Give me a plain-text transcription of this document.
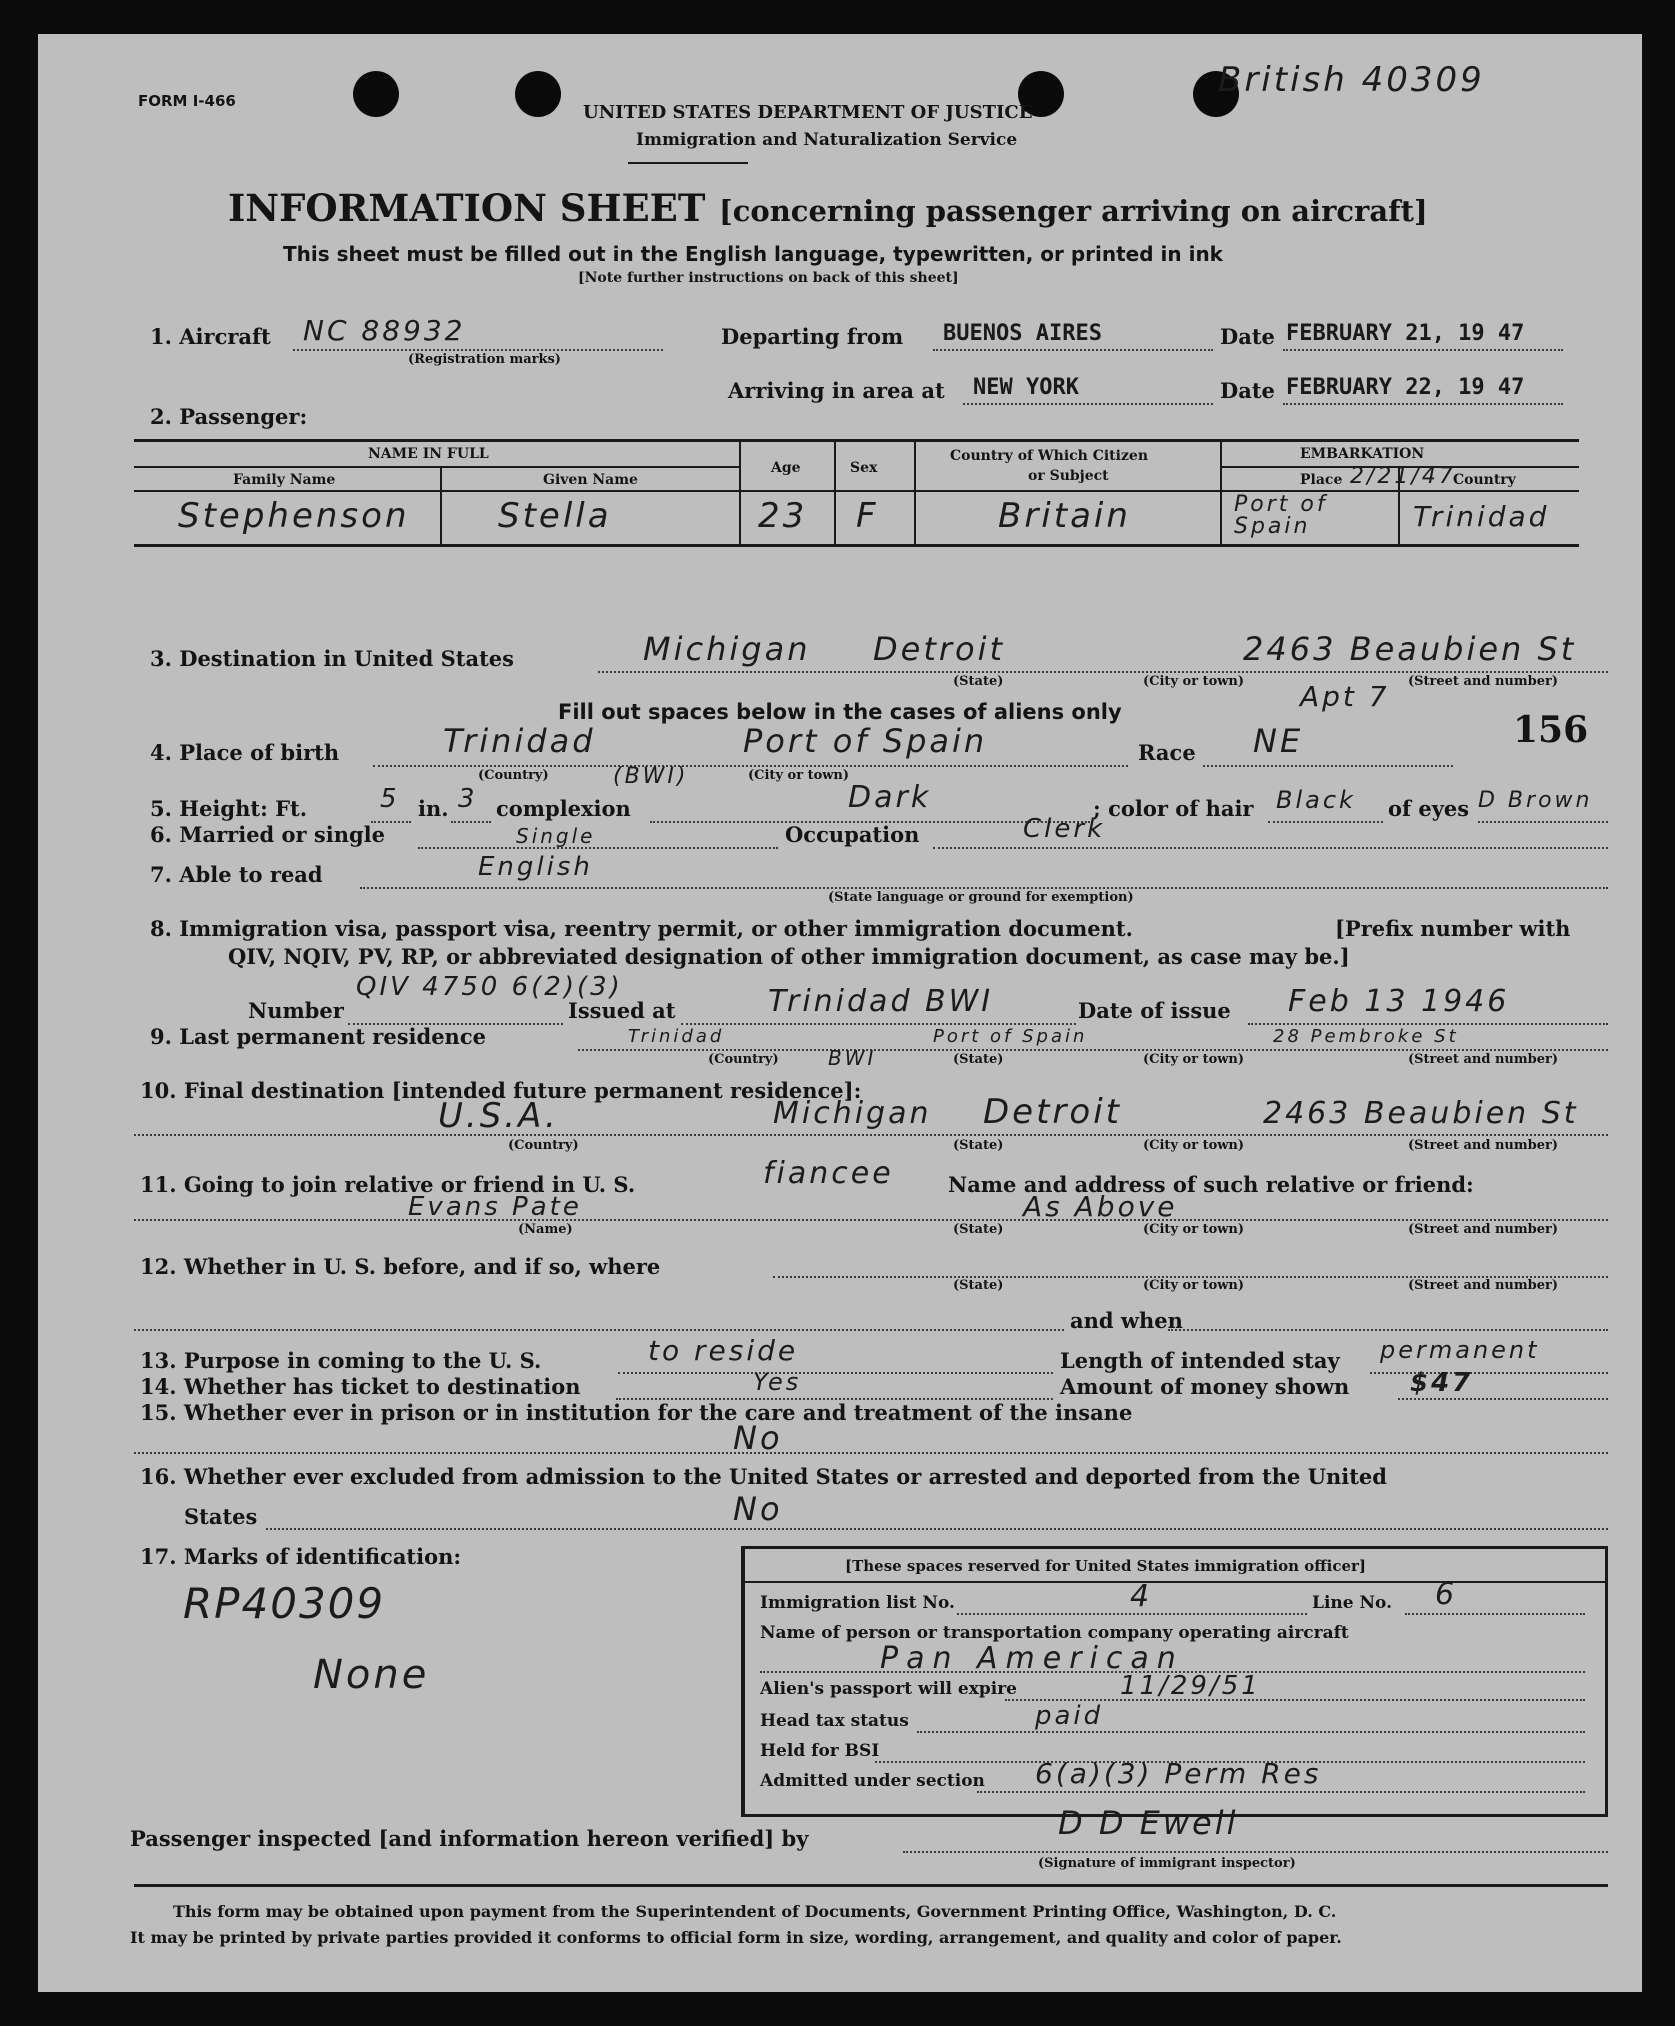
FORM I-466
UNITED STATES DEPARTMENT OF JUSTICE
Immigration and Naturalization Service
British 40309
INFORMATION SHEET [concerning passenger arriving on aircraft]
This sheet must be filled out in the English language, typewritten, or printed in ink
[Note further instructions on back of this sheet]
1. Aircraft NC 88932
(Registration marks)
Departing from BUENOS AIRES	Date FEBRUARY 21, 19 47
Arriving in area at NEW YORK	Date FEBRUARY 22, 19 47
2. Passenger:
NAME IN FULL
Family Name	Given Name
Age	Sex
Country of Which Citizen
or Subject
EMBARKATION
Place	Country
2/21/47
Stephenson	Stella	23 F	Britain	Port of Spain	Trinidad
3. Destination in United States	Michigan Detroit	2463 Beaubien St
Apt 7
(State)	(City or town)	(Street and number)
Fill out spaces below in the cases of aliens only	156
4. Place of birth	Trinidad	Port of Spain
(Country)	(BWI)	(City or town)
Race NE
5. Height: Ft.	5 in. 3 complexion	Dark	; color of hair Black of eyes D Brown
6. Married or single	Single	Occupation	Clerk
7. Able to read	English
(State language or ground for exemption)
8. Immigration visa, passport visa, reentry permit, or other immigration document.	[Prefix number with
QIV, NQIV, PV, RP, or abbreviated designation of other immigration document, as case may be.]
Number
QIV 4750 6(2)(3)
Issued at	Trinidad BWI	Date of issue Feb 13 1946
9. Last permanent residence	Trinidad
BWI
Port of Spain	28 Pembroke St
(Country)	(State)	(City or town)	(Street and number)
10. Final destination [intended future permanent residence]:
U.S.A.	Michigan Detroit	2463 Beaubien St
(Country)	(State)	(City or town)	(Street and number)
11. Going to join relative or friend in U. S.	fiancee	Name and address of such relative or friend:
Evans Pate	As Above
(Name)	(State)	(City or town)	(Street and number)
12. Whether in U. S. before, and if so, where
(State)	(City or town)	(Street and number)
and when
13. Purpose in coming to the U. S.	to reside	Length of intended stay permanent
14. Whether has ticket to destination	Yes	Amount of money shown $47
15. Whether ever in prison or in institution for the care and treatment of the insane
No
16. Whether ever excluded from admission to the United States or arrested and deported from the United
States	No
17. Marks of identification:
RP40309
None
[These spaces reserved for United States immigration officer]
Immigration list No.	4	Line No. 6
Name of person or transportation company operating aircraft
Pan American
Alien's passport will expire	11/29/51
Head tax status	paid
Held for BSI
Admitted under section 6(a)(3) Perm Res
Passenger inspected [and information hereon verified] by	D D Ewell
(Signature of immigrant inspector)
This form may be obtained upon payment from the Superintendent of Documents, Government Printing Office, Washington, D. C.
It may be printed by private parties provided it conforms to official form in size, wording, arrangement, and quality and color of paper.
